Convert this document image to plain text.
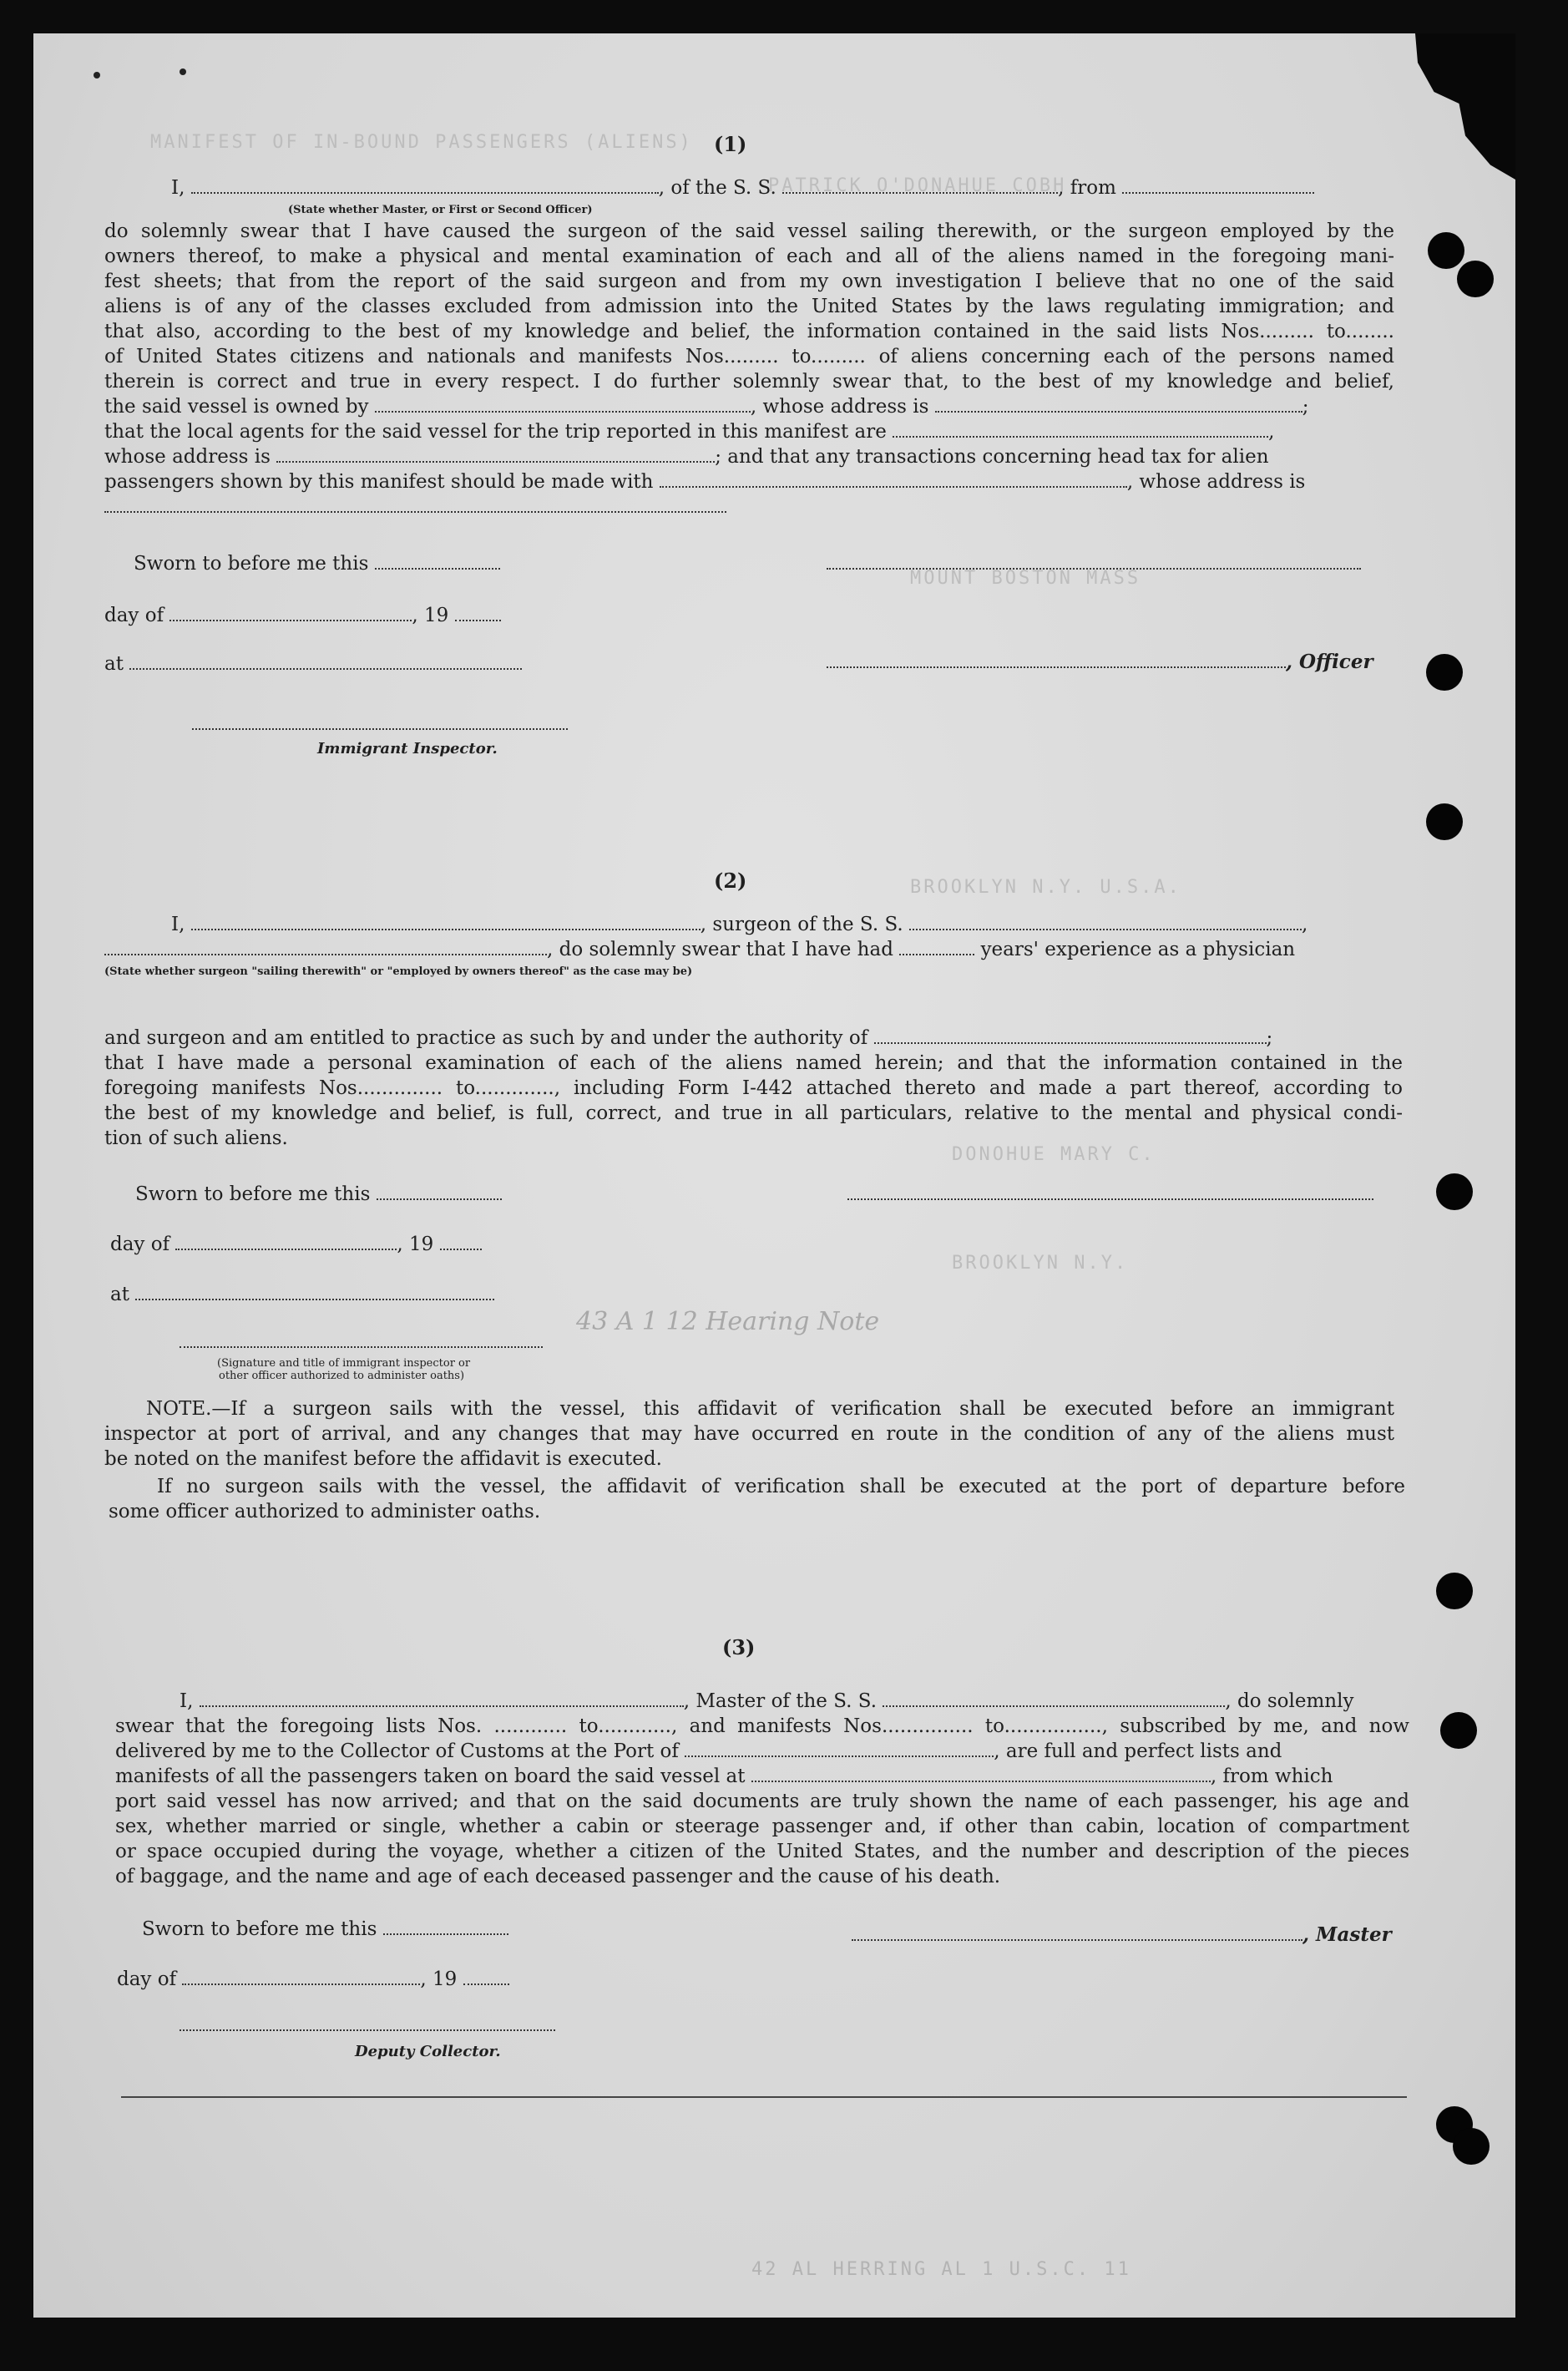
MANIFEST OF IN-BOUND PASSENGERS (ALIENS)
PATRICK O'DONAHUE COBH
MOUNT BOSTON MASS
BROOKLYN N.Y. U.S.A.
DONOHUE MARY C.
BROOKLYN N.Y.
(1)
I,	, of the S. S.	, from
(State whether Master, or First or Second Officer)
do solemnly swear that I have caused the surgeon of the said vessel sailing therewith, or the surgeon employed by the
owners thereof, to make a physical and mental examination of each and all of the aliens named in the foregoing mani-
fest sheets; that from the report of the said surgeon and from my own investigation I believe that no one of the said
aliens is of any of the classes excluded from admission into the United States by the laws regulating immigration; and
that also, according to the best of my knowledge and belief, the information contained in the said lists Nos......... to........
of United States citizens and nationals and manifests Nos......... to......... of aliens concerning each of the persons named
therein is correct and true in every respect. I do further solemnly swear that, to the best of my knowledge and belief,
the said vessel is owned by	, whose address is	;
that the local agents for the said vessel for the trip reported in this manifest are	,
whose address is	; and that any transactions concerning head tax for alien
passengers shown by this manifest should be made with	, whose address is
Sworn to before me this
day of	, 19
, Officer
at
Immigrant Inspector.
(2)
I,	, surgeon of the S. S.	,
, do solemnly swear that I have had	years' experience as a physician
(State whether surgeon "sailing therewith" or "employed by owners thereof" as the case may be)
and surgeon and am entitled to practice as such by and under the authority of	;
that I have made a personal examination of each of the aliens named herein; and that the information contained in the
foregoing manifests Nos.............. to............., including Form I-442 attached thereto and made a part thereof, according to
the best of my knowledge and belief, is full, correct, and true in all particulars, relative to the mental and physical condi-
tion of such aliens.
Sworn to before me this
day of	, 19
at
(Signature and title of immigrant inspector or
other officer authorized to administer oaths)
43 A 1 12 Hearing Note
NOTE.—If a surgeon sails with the vessel, this affidavit of verification shall be executed before an immigrant
inspector at port of arrival, and any changes that may have occurred en route in the condition of any of the aliens must
be noted on the manifest before the affidavit is executed.
If no surgeon sails with the vessel, the affidavit of verification shall be executed at the port of departure before
some officer authorized to administer oaths.
(3)
I,	, Master of the S. S.	, do solemnly
swear that the foregoing lists Nos. ............ to............, and manifests Nos............... to................, subscribed by me, and now
delivered by me to the Collector of Customs at the Port of	, are full and perfect lists and
manifests of all the passengers taken on board the said vessel at	, from which
port said vessel has now arrived; and that on the said documents are truly shown the name of each passenger, his age and
sex, whether married or single, whether a cabin or steerage passenger and, if other than cabin, location of compartment
or space occupied during the voyage, whether a citizen of the United States, and the number and description of the pieces
of baggage, and the name and age of each deceased passenger and the cause of his death.
Sworn to before me this	, Master
day of	, 19
Deputy Collector.
42 AL HERRING AL 1 U.S.C. 11
